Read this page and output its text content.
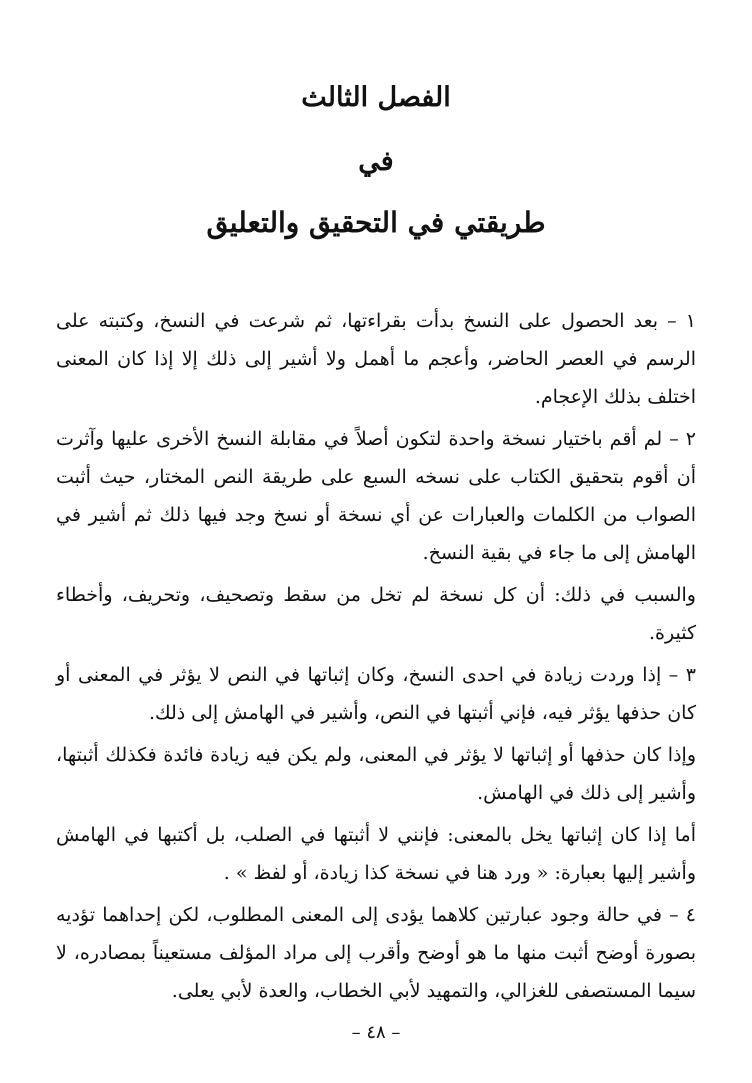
الفصل الثالث
في
طريقتي في التحقيق والتعليق

١ – بعد الحصول على النسخ بدأت بقراءتها، ثم شرعت في النسخ، وكتبته على الرسم في العصر الحاضر، وأعجم ما أهمل ولا أشير إلى ذلك إلا إذا كان المعنى اختلف بذلك الإعجام.

٢ – لم أقم باختيار نسخة واحدة لتكون أصلاً في مقابلة النسخ الأخرى عليها وآثرت أن أقوم بتحقيق الكتاب على نسخه السبع على طريقة النص المختار، حيث أثبت الصواب من الكلمات والعبارات عن أي نسخة أو نسخ وجد فيها ذلك ثم أشير في الهامش إلى ما جاء في بقية النسخ.

والسبب في ذلك: أن كل نسخة لم تخل من سقط وتصحيف، وتحريف، وأخطاء كثيرة.

٣ – إذا وردت زيادة في احدى النسخ، وكان إثباتها في النص لا يؤثر في المعنى أو كان حذفها يؤثر فيه، فإني أثبتها في النص، وأشير في الهامش إلى ذلك.

وإذا كان حذفها أو إثباتها لا يؤثر في المعنى، ولم يكن فيه زيادة فائدة فكذلك أثبتها، وأشير إلى ذلك في الهامش.

أما إذا كان إثباتها يخل بالمعنى: فإنني لا أثبتها في الصلب، بل أكتبها في الهامش وأشير إليها بعبارة: « ورد هنا في نسخة كذا زيادة، أو لفظ » .

٤ – في حالة وجود عبارتين كلاهما يؤدى إلى المعنى المطلوب، لكن إحداهما تؤديه بصورة أوضح أثبت منها ما هو أوضح وأقرب إلى مراد المؤلف مستعيناً بمصادره، لا سيما المستصفى للغزالي، والتمهيد لأبي الخطاب، والعدة لأبي يعلى.

– ٤٨ –
